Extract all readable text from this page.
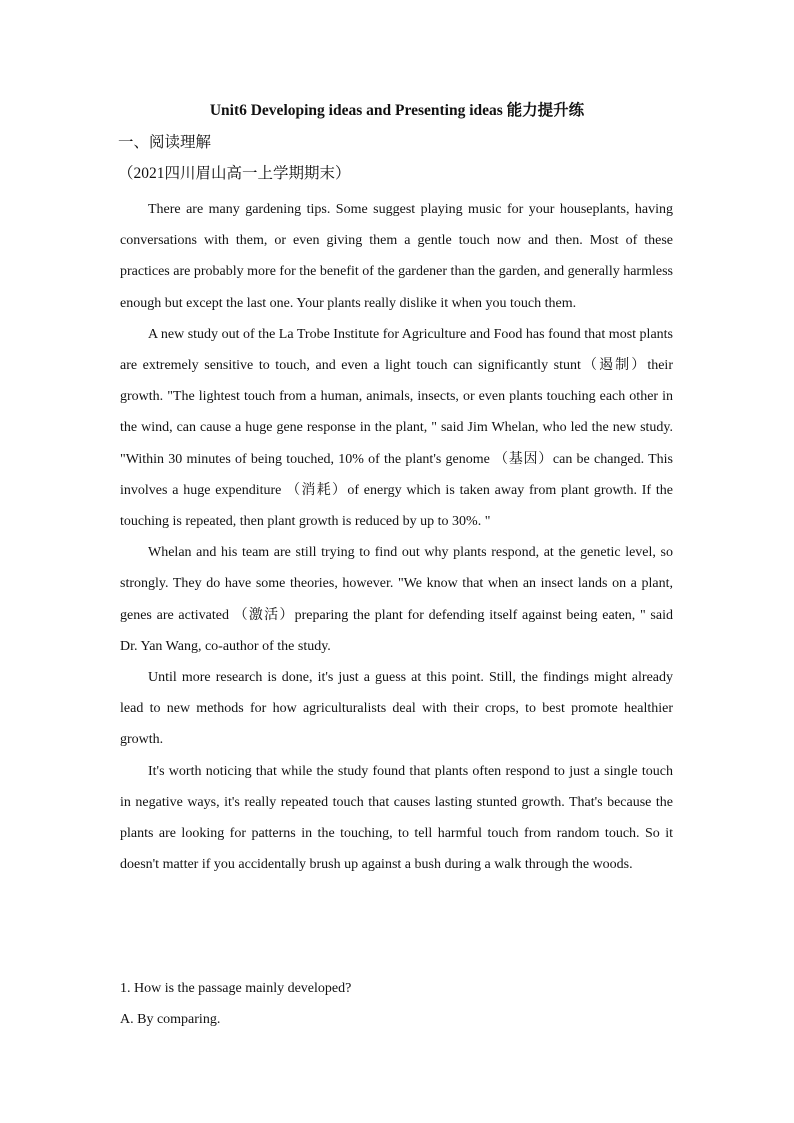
Unit6 Developing ideas and Presenting ideas 能力提升练
一、阅读理解
（2021四川眉山高一上学期期末）

There are many gardening tips. Some suggest playing music for your houseplants, having conversations with them, or even giving them a gentle touch now and then. Most of these practices are probably more for the benefit of the gardener than the garden, and generally harmless enough but except the last one. Your plants really dislike it when you touch them.

A new study out of the La Trobe Institute for Agriculture and Food has found that most plants are extremely sensitive to touch, and even a light touch can significantly stunt（遏制）their growth. "The lightest touch from a human, animals, insects, or even plants touching each other in the wind, can cause a huge gene response in the plant, " said Jim Whelan, who led the new study. "Within 30 minutes of being touched, 10% of the plant's genome （基因）can be changed. This involves a huge expenditure （消耗）of energy which is taken away from plant growth. If the touching is repeated, then plant growth is reduced by up to 30%. "

Whelan and his team are still trying to find out why plants respond, at the genetic level, so strongly. They do have some theories, however. "We know that when an insect lands on a plant, genes are activated （激活）preparing the plant for defending itself against being eaten, " said Dr. Yan Wang, co-author of the study.

Until more research is done, it's just a guess at this point. Still, the findings might already lead to new methods for how agriculturalists deal with their crops, to best promote healthier growth.

It's worth noticing that while the study found that plants often respond to just a single touch in negative ways, it's really repeated touch that causes lasting stunted growth. That's because the plants are looking for patterns in the touching, to tell harmful touch from random touch. So it doesn't matter if you accidentally brush up against a bush during a walk through the woods.

1. How is the passage mainly developed?

A. By comparing.
